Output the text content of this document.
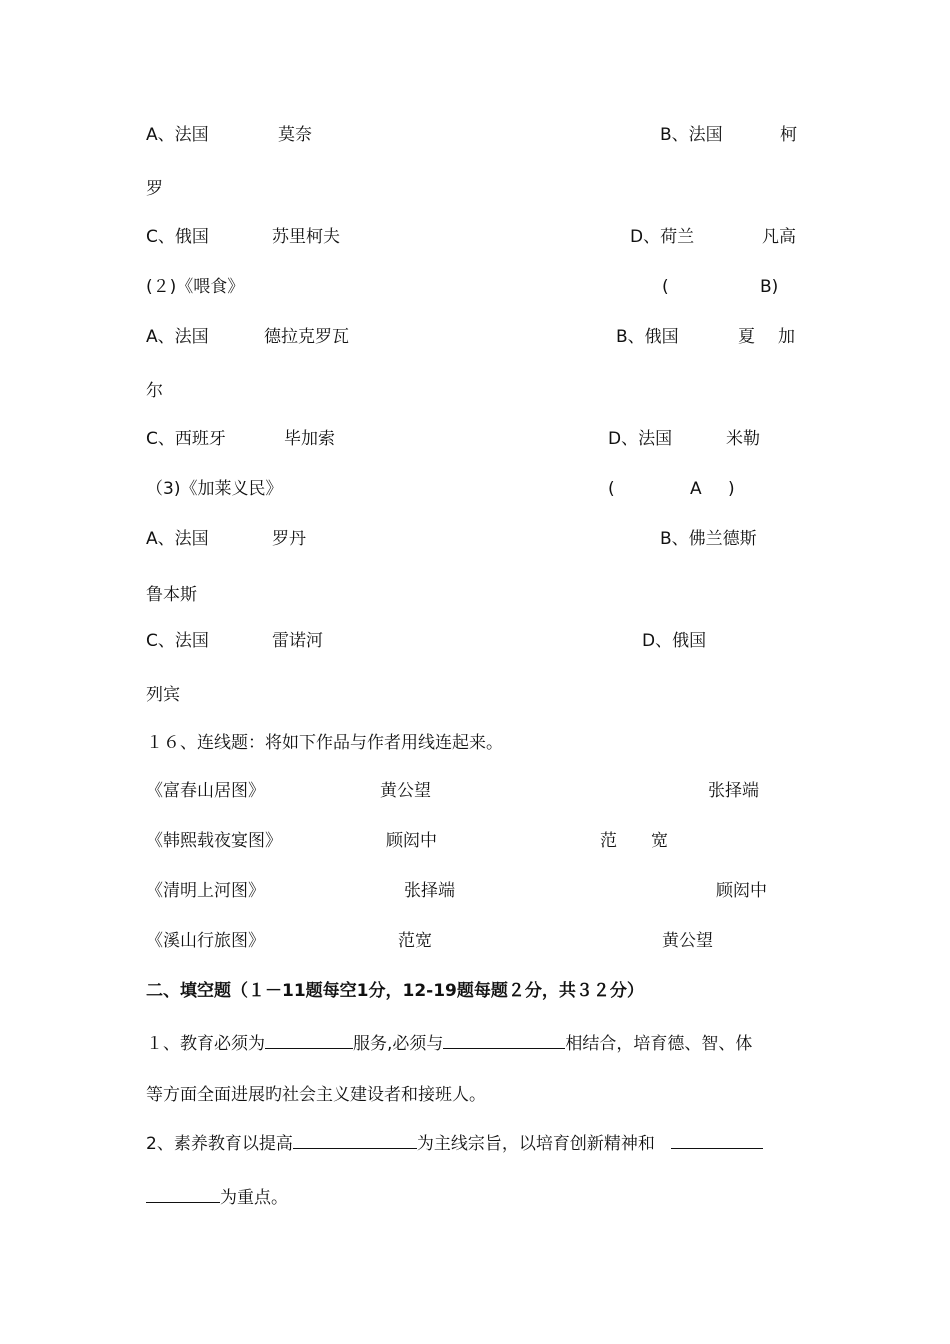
A、法国	莫奈	B、法国	柯
罗
C、俄国	苏里柯夫	D、荷兰	凡高
(２)《喂食》	(	B)
A、法国	德拉克罗瓦	B、俄国	夏 加
尔
C、西班牙	毕加索	D、法国	米勒
（3)《加莱义民》	(	A )
A、法国	罗丹	B、佛兰德斯
鲁本斯
C、法国	雷诺河	D、俄国
列宾
１６、连线题：将如下作品与作者用线连起来。
《富春山居图》	黄公望	张择端
《韩熙载夜宴图》	顾闳中	范　　宽
《清明上河图》	张择端	顾闳中
《溪山行旅图》	范宽	黄公望
二、填空题（１－11题每空1分，12-19题每题２分，共３２分）
１、教育必须为	服务,必须与	相结合，培育德、智、体
等方面全面进展旳社会主义建设者和接班人。
2、素养教育以提高	为主线宗旨，以培育创新精神和
为重点。
